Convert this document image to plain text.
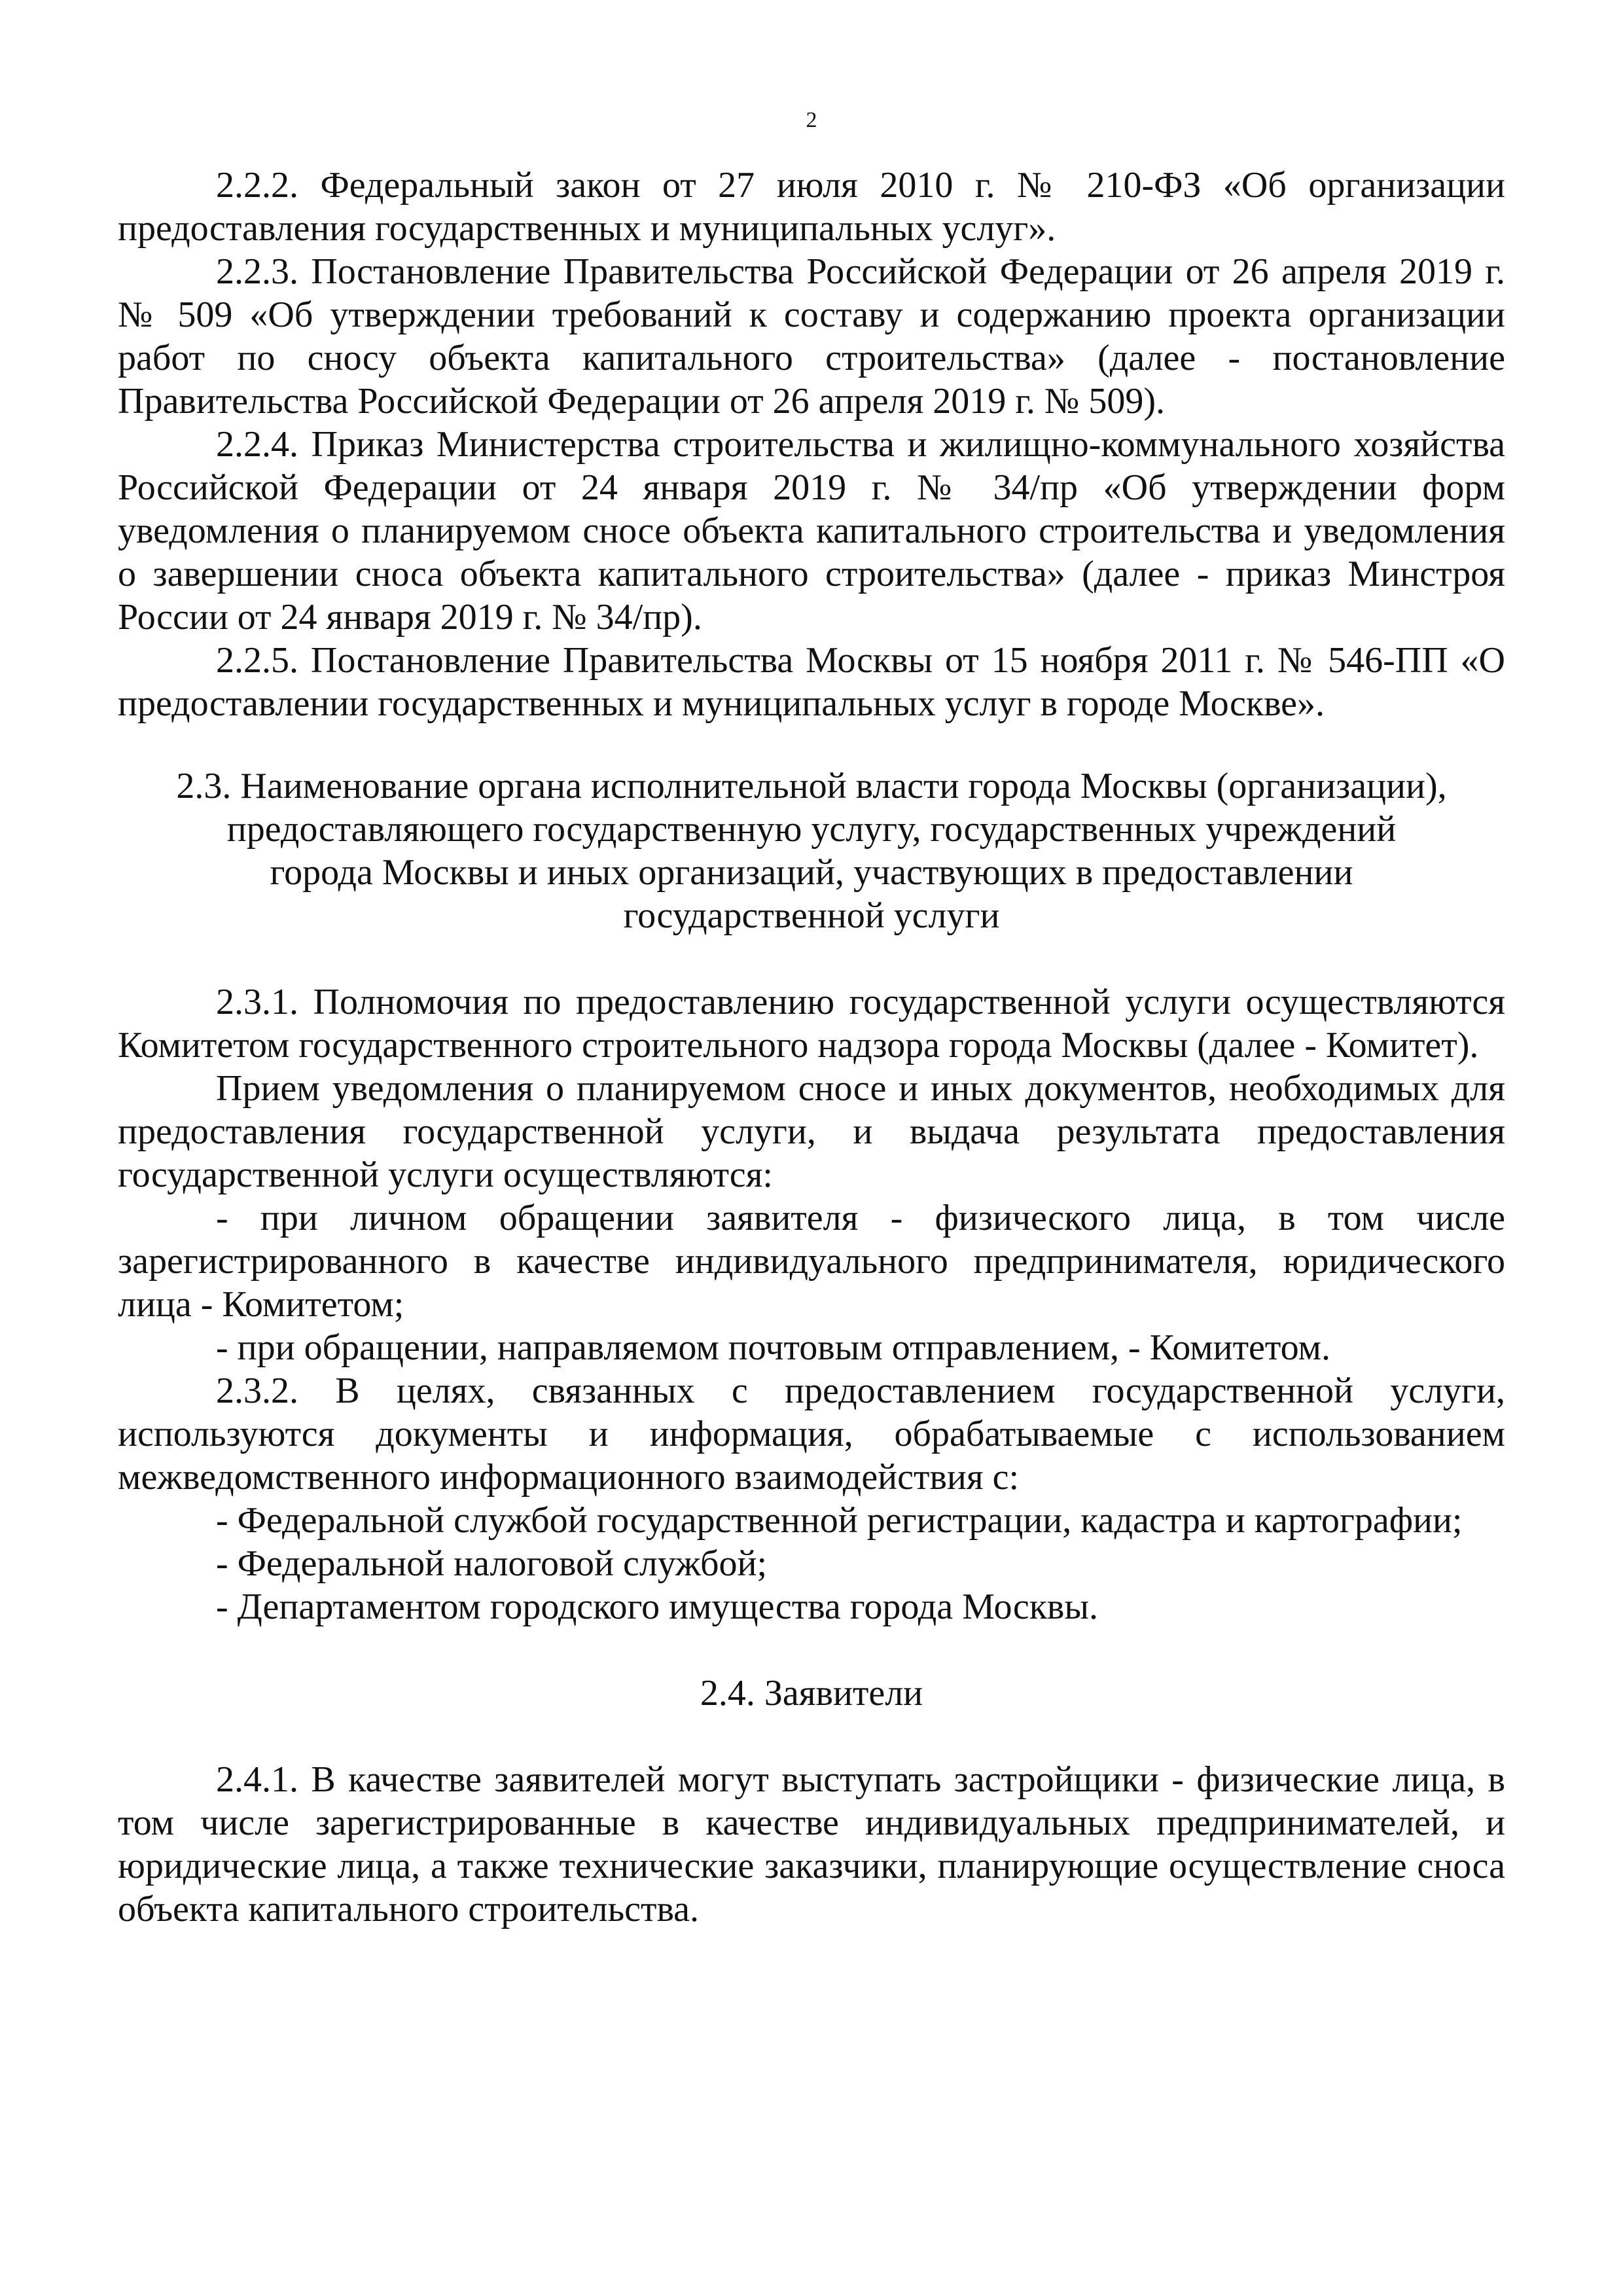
2

2.2.2. Федеральный закон от 27 июля 2010 г. № 210-ФЗ «Об организации предоставления государственных и муниципальных услуг».

2.2.3. Постановление Правительства Российской Федерации от 26 апреля 2019 г. № 509 «Об утверждении требований к составу и содержанию проекта организации работ по сносу объекта капитального строительства» (далее - постановление Правительства Российской Федерации от 26 апреля 2019 г. № 509).

2.2.4. Приказ Министерства строительства и жилищно-коммунального хозяйства Российской Федерации от 24 января 2019 г. № 34/пр «Об утверждении форм уведомления о планируемом сносе объекта капитального строительства и уведомления о завершении сноса объекта капитального строительства» (далее - приказ Минстроя России от 24 января 2019 г. № 34/пр).

2.2.5. Постановление Правительства Москвы от 15 ноября 2011 г. № 546-ПП «О предоставлении государственных и муниципальных услуг в городе Москве».

2.3. Наименование органа исполнительной власти города Москвы (организации),

предоставляющего государственную услугу, государственных учреждений

города Москвы и иных организаций, участвующих в предоставлении

государственной услуги

2.3.1. Полномочия по предоставлению государственной услуги осуществляются Комитетом государственного строительного надзора города Москвы (далее - Комитет).

Прием уведомления о планируемом сносе и иных документов, необходимых для предоставления государственной услуги, и выдача результата предоставления государственной услуги осуществляются:

- при личном обращении заявителя - физического лица, в том числе зарегистрированного в качестве индивидуального предпринимателя, юридического лица - Комитетом;

- при обращении, направляемом почтовым отправлением, - Комитетом.

2.3.2. В целях, связанных с предоставлением государственной услуги, используются документы и информация, обрабатываемые с использованием межведомственного информационного взаимодействия с:

- Федеральной службой государственной регистрации, кадастра и картографии;

- Федеральной налоговой службой;

- Департаментом городского имущества города Москвы.

2.4. Заявители

2.4.1. В качестве заявителей могут выступать застройщики - физические лица, в том числе зарегистрированные в качестве индивидуальных предпринимателей, и юридические лица, а также технические заказчики, планирующие осуществление сноса объекта капитального строительства.
